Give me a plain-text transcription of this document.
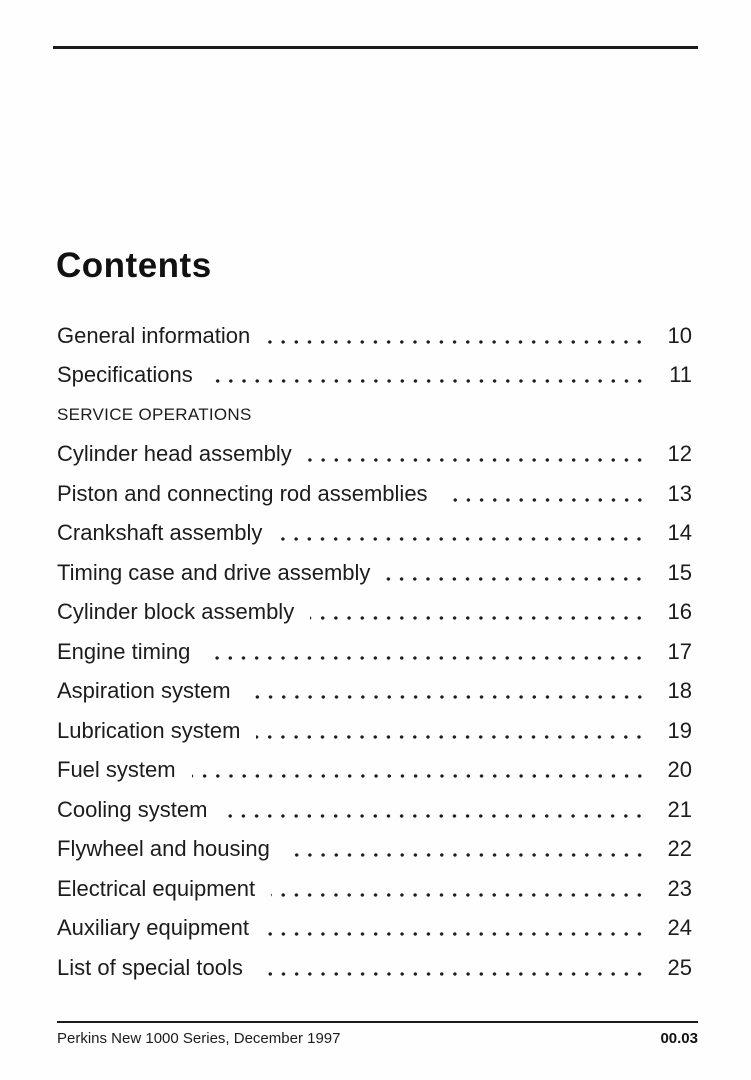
Contents
General information	10
Specifications	11
SERVICE OPERATIONS
Cylinder head assembly	12
Piston and connecting rod assemblies	13
Crankshaft assembly	14
Timing case and drive assembly	15
Cylinder block assembly	16
Engine timing	17
Aspiration system	18
Lubrication system	19
Fuel system	20
Cooling system	21
Flywheel and housing	22
Electrical equipment	23
Auxiliary equipment	24
List of special tools	25
Perkins New 1000 Series, December 1997	00.03
